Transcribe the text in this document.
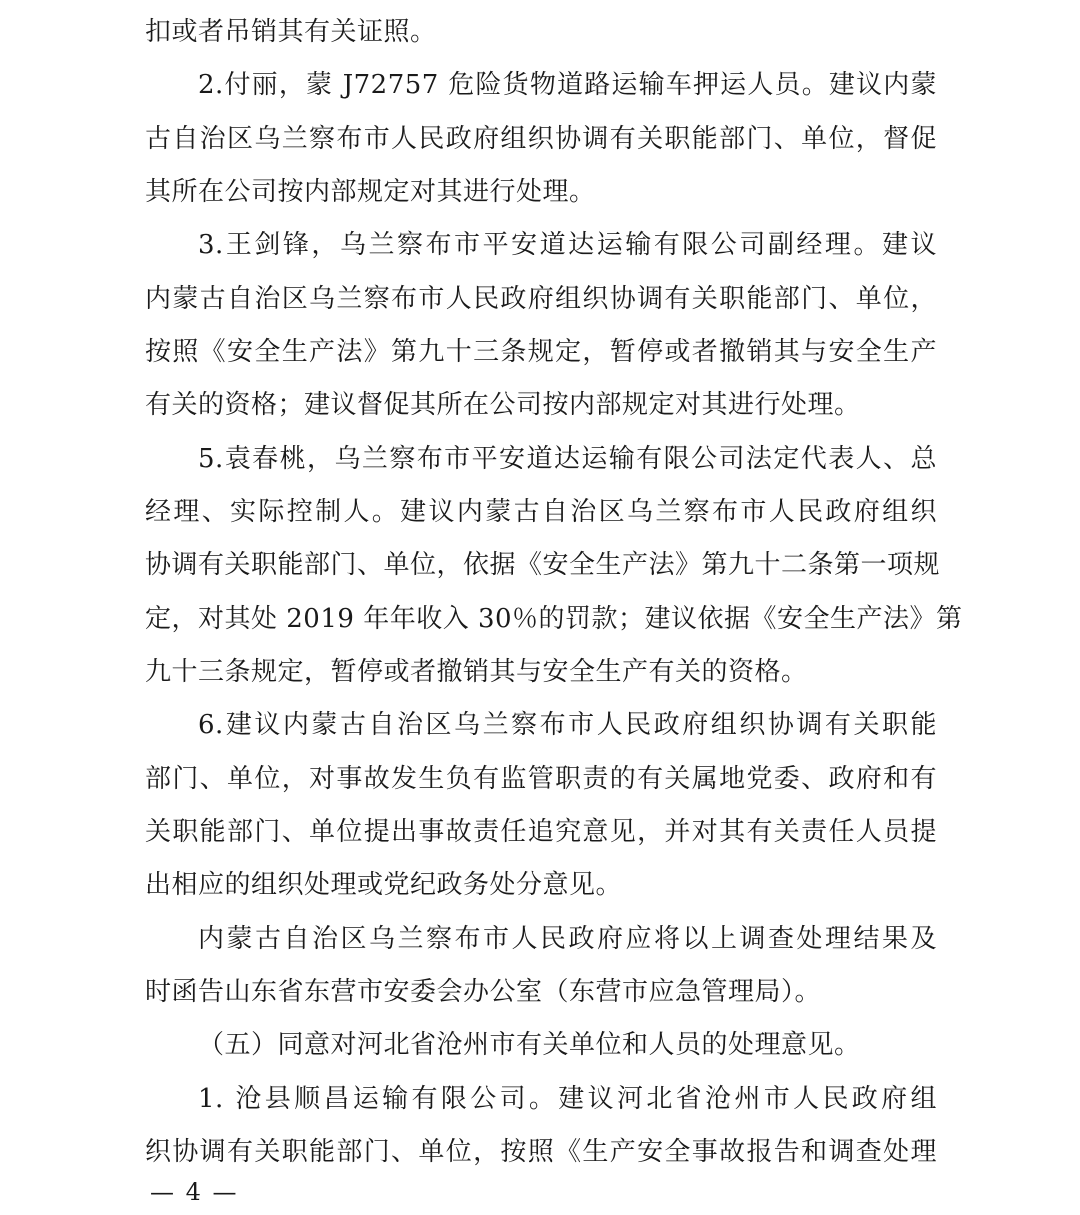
扣或者吊销其有关证照。
2.付丽，蒙 J72757 危险货物道路运输车押运人员。建议内蒙
古自治区乌兰察布市人民政府组织协调有关职能部门、单位，督促
其所在公司按内部规定对其进行处理。
3.王剑锋，乌兰察布市平安道达运输有限公司副经理。建议
内蒙古自治区乌兰察布市人民政府组织协调有关职能部门、单位，
按照《安全生产法》第九十三条规定，暂停或者撤销其与安全生产
有关的资格；建议督促其所在公司按内部规定对其进行处理。
5.袁春桃，乌兰察布市平安道达运输有限公司法定代表人、总
经理、实际控制人。建议内蒙古自治区乌兰察布市人民政府组织
协调有关职能部门、单位，依据《安全生产法》第九十二条第一项规
定，对其处 2019 年年收入 30％的罚款；建议依据《安全生产法》第
九十三条规定，暂停或者撤销其与安全生产有关的资格。
6.建议内蒙古自治区乌兰察布市人民政府组织协调有关职能
部门、单位，对事故发生负有监管职责的有关属地党委、政府和有
关职能部门、单位提出事故责任追究意见，并对其有关责任人员提
出相应的组织处理或党纪政务处分意见。
内蒙古自治区乌兰察布市人民政府应将以上调查处理结果及
时函告山东省东营市安委会办公室（东营市应急管理局）。
（五）同意对河北省沧州市有关单位和人员的处理意见。
1. 沧县顺昌运输有限公司。建议河北省沧州市人民政府组
织协调有关职能部门、单位，按照《生产安全事故报告和调查处理
— 4 —
